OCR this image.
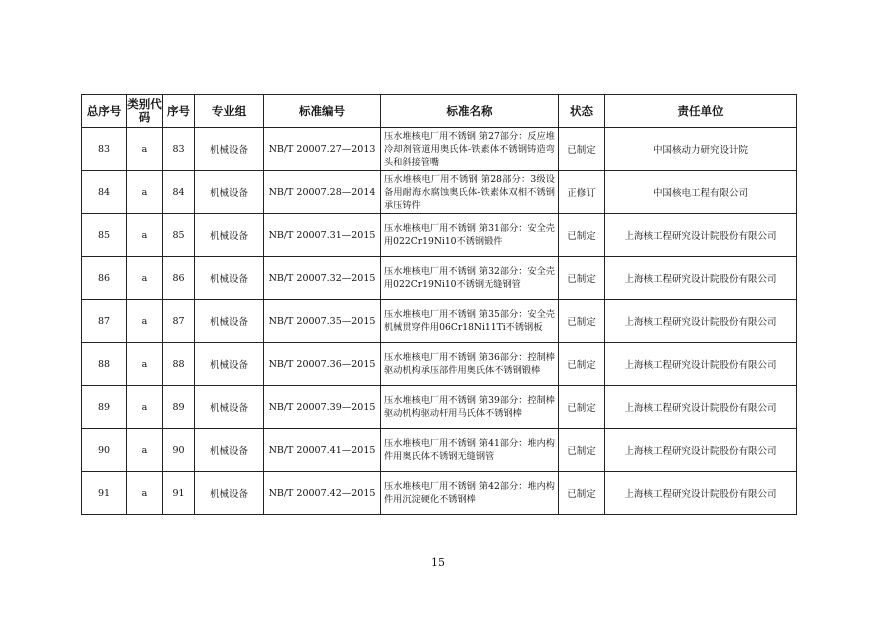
总序号	类别代码	序号	专业组	标准编号	标准名称	状态	责任单位
83	a	83	机械设备	NB/T 20007.27—2013	压水堆核电厂用不锈钢 第27部分：反应堆冷却剂管道用奥氏体-铁素体不锈钢铸造弯头和斜接管嘴	已制定	中国核动力研究设计院
84	a	84	机械设备	NB/T 20007.28—2014	压水堆核电厂用不锈钢 第28部分：3级设备用耐海水腐蚀奥氏体-铁素体双相不锈钢承压铸件	正修订	中国核电工程有限公司
85	a	85	机械设备	NB/T 20007.31—2015	压水堆核电厂用不锈钢 第31部分：安全壳用022Cr19Ni10不锈钢锻件	已制定	上海核工程研究设计院股份有限公司
86	a	86	机械设备	NB/T 20007.32—2015	压水堆核电厂用不锈钢 第32部分：安全壳用022Cr19Ni10不锈钢无缝钢管	已制定	上海核工程研究设计院股份有限公司
87	a	87	机械设备	NB/T 20007.35—2015	压水堆核电厂用不锈钢 第35部分：安全壳机械贯穿件用06Cr18Ni11Ti不锈钢板	已制定	上海核工程研究设计院股份有限公司
88	a	88	机械设备	NB/T 20007.36—2015	压水堆核电厂用不锈钢 第36部分：控制棒驱动机构承压部件用奥氏体不锈钢锻棒	已制定	上海核工程研究设计院股份有限公司
89	a	89	机械设备	NB/T 20007.39—2015	压水堆核电厂用不锈钢 第39部分：控制棒驱动机构驱动杆用马氏体不锈钢棒	已制定	上海核工程研究设计院股份有限公司
90	a	90	机械设备	NB/T 20007.41—2015	压水堆核电厂用不锈钢 第41部分：堆内构件用奥氏体不锈钢无缝钢管	已制定	上海核工程研究设计院股份有限公司
91	a	91	机械设备	NB/T 20007.42—2015	压水堆核电厂用不锈钢 第42部分：堆内构件用沉淀硬化不锈钢棒	已制定	上海核工程研究设计院股份有限公司
15
